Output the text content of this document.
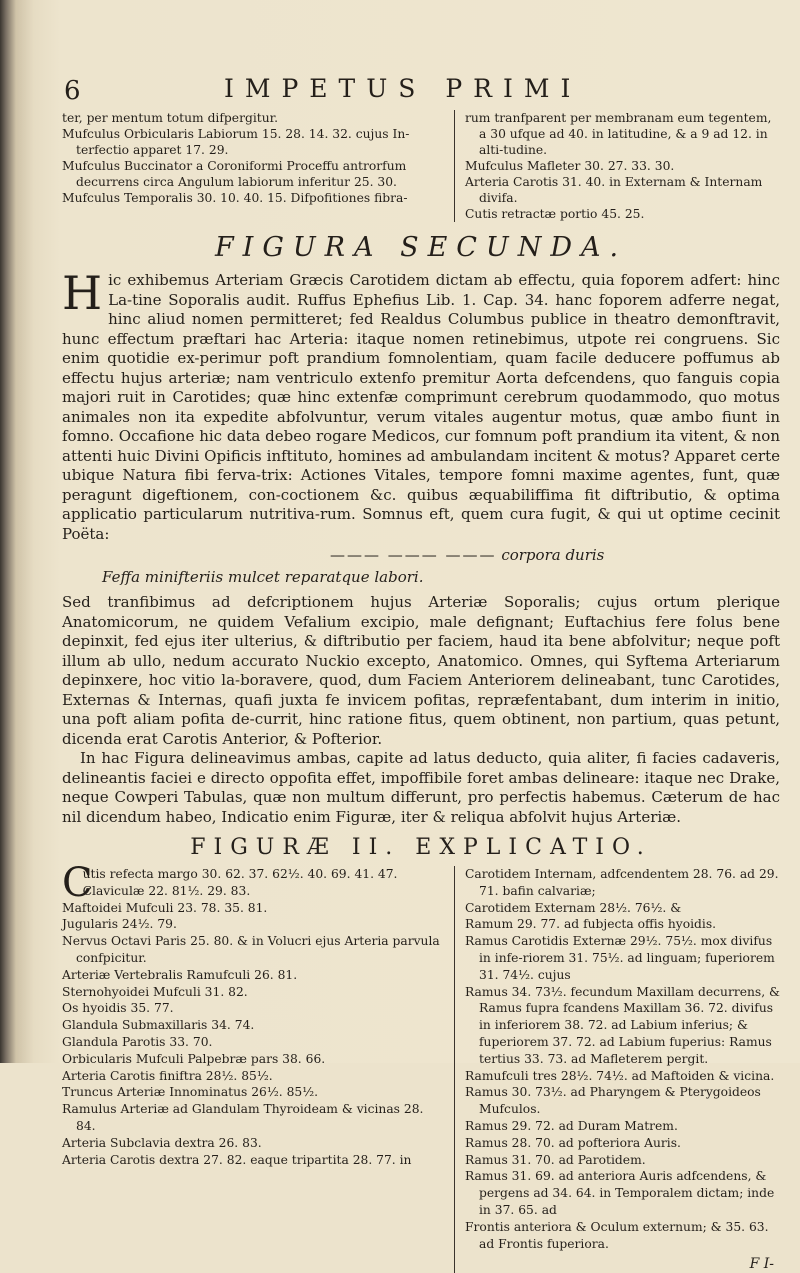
6	IMPETUS PRIMI
ter, per mentum totum difpergitur.
Mufculus Orbicularis Labiorum 15. 28. 14. 32. cujus In-terfectio apparet 17. 29.
Mufculus Buccinator a Coroniformi Proceffu antrorfum decurrens circa Angulum labiorum inferitur 25. 30.
Mufculus Temporalis 30. 10. 40. 15. Difpofitiones fibra-
rum tranfparent per membranam eum tegentem, a 30 ufque ad 40. in latitudine, & a 9 ad 12. in alti-tudine.
Mufculus Mafleter 30. 27. 33. 30.
Arteria Carotis 31. 40. in Externam & Internam divifa.
Cutis retractæ portio 45. 25.
FIGURA SECUNDA.

H ic exhibemus Arteriam Græcis Carotidem dictam ab effectu, quia foporem adfert: hinc La-tine Soporalis audit. Ruffus Ephefius Lib. 1. Cap. 34. hanc foporem adferre negat, hinc aliud nomen permitteret; fed Realdus Columbus publice in theatro demonftravit, hunc effectum præftari hac Arteria: itaque nomen retinebimus, utpote rei congruens. Sic enim quotidie ex-perimur poft prandium fomnolentiam, quam facile deducere poffumus ab effectu hujus arteriæ; nam ventriculo extenfo premitur Aorta defcendens, quo fanguis copia majori ruit in Carotides; quæ hinc extenfæ comprimunt cerebrum quodammodo, quo motus animales non ita expedite abfolvuntur, verum vitales augentur motus, quæ ambo fiunt in fomno. Occafione hic data debeo rogare Medicos, cur fomnum poft prandium ita vitent, & non attenti huic Divini Opificis inftituto, homines ad ambulandam incitent & motus? Apparet certe ubique Natura fibi ferva-trix: Actiones Vitales, tempore fomni maxime agentes, funt, quæ peragunt digeftionem, con-coctionem &c. quibus æquabiliffima fit diftributio, & optima applicatio particularum nutritiva-rum. Somnus eft, quem cura fugit, & qui ut optime cecinit Poëta:

——— ——— ——— corpora duris
Feffa minifteriis mulcet reparatque labori.

Sed tranfibimus ad defcriptionem hujus Arteriæ Soporalis; cujus ortum plerique Anatomicorum, ne quidem Vefalium excipio, male defignant; Euftachius fere folus bene depinxit, fed ejus iter ulterius, & diftributio per faciem, haud ita bene abfolvitur; neque poft illum ab ullo, nedum accurato Nuckio excepto, Anatomico. Omnes, qui Syftema Arteriarum depinxere, hoc vitio la-boravere, quod, dum Faciem Anteriorem delineabant, tunc Carotides, Externas & Internas, quafi juxta fe invicem pofitas, repræfentabant, dum interim in initio, una poft aliam pofita de-currit, hinc ratione fitus, quem obtinent, non partium, quas petunt, dicenda erat Carotis Anterior, & Pofterior.

In hac Figura delineavimus ambas, capite ad latus deducto, quia aliter, fi facies cadaveris, delineantis faciei e directo oppofita effet, impoffibile foret ambas delineare: itaque nec Drake, neque Cowperi Tabulas, quæ non multum differunt, pro perfectis habemus. Cæterum de hac nil dicendum habeo, Indicatio enim Figuræ, iter & reliqua abfolvit hujus Arteriæ.

FIGURÆ II. EXPLICATIO.
C
utis refecta margo 30. 62. 37. 62½. 40. 69. 41. 47.
Claviculæ 22. 81½. 29. 83.
Maftoidei Mufculi 23. 78. 35. 81.
Jugularis 24½. 79.
Nervus Octavi Paris 25. 80. & in Volucri ejus Arteria parvula confpicitur.
Arteriæ Vertebralis Ramufculi 26. 81.
Sternohyoidei Mufculi 31. 82.
Os hyoidis 35. 77.
Glandula Submaxillaris 34. 74.
Glandula Parotis 33. 70.
Orbicularis Mufculi Palpebræ pars 38. 66.
Arteria Carotis finiftra 28½. 85½.
Truncus Arteriæ Innominatus 26½. 85½.
Ramulus Arteriæ ad Glandulam Thyroideam & vicinas 28. 84.
Arteria Subclavia dextra 26. 83.
Arteria Carotis dextra 27. 82. eaque tripartita 28. 77. in
Carotidem Internam, adfcendentem 28. 76. ad 29. 71. bafin calvariæ;
Carotidem Externam 28½. 76½. &
Ramum 29. 77. ad fubjecta offis hyoidis.
Ramus Carotidis Externæ 29½. 75½. mox divifus in infe-riorem 31. 75½. ad linguam; fuperiorem 31. 74½. cujus
Ramus 34. 73½. fecundum Maxillam decurrens, & Ramus fupra fcandens Maxillam 36. 72. divifus in inferiorem 38. 72. ad Labium inferius; & fuperiorem 37. 72. ad Labium fuperius: Ramus tertius 33. 73. ad Mafleterem pergit.
Ramufculi tres 28½. 74½. ad Maftoiden & vicina.
Ramus 30. 73½. ad Pharyngem & Pterygoideos Mufculos.
Ramus 29. 72. ad Duram Matrem.
Ramus 28. 70. ad pofterіora Auris.
Ramus 31. 70. ad Parotidem.
Ramus 31. 69. ad anteriora Auris adfcendens, & pergens ad 34. 64. in Temporalem dictam; inde in 37. 65. ad
Frontis anteriora & Oculum externum; & 35. 63. ad Frontis fuperiora.
F I-
